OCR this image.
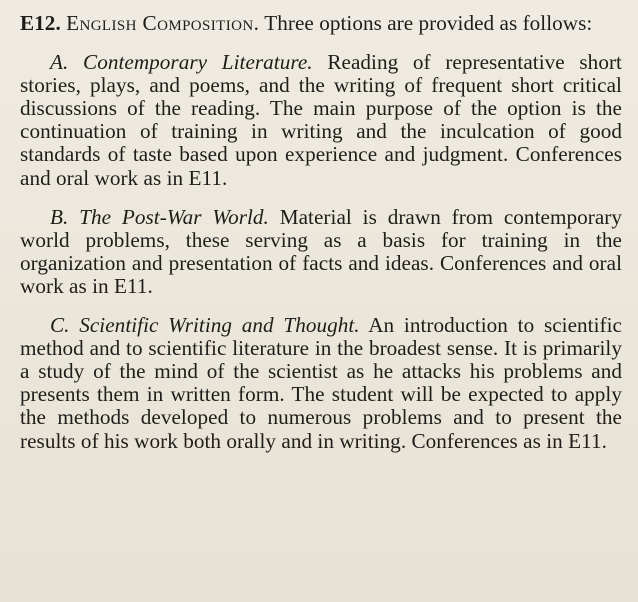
E12. English Composition. Three options are provided as follows:

A. Contemporary Literature. Reading of representative short stories, plays, and poems, and the writing of frequent short critical discussions of the reading. The main purpose of the option is the continuation of training in writing and the inculcation of good standards of taste based upon experience and judgment. Conferences and oral work as in E11.

B. The Post-War World. Material is drawn from contemporary world problems, these serving as a basis for training in the organization and presentation of facts and ideas. Conferences and oral work as in E11.

C. Scientific Writing and Thought. An introduction to scientific method and to scientific literature in the broadest sense. It is primarily a study of the mind of the scientist as he attacks his problems and presents them in written form. The student will be expected to apply the methods developed to numerous problems and to present the results of his work both orally and in writing. Conferences as in E11.
